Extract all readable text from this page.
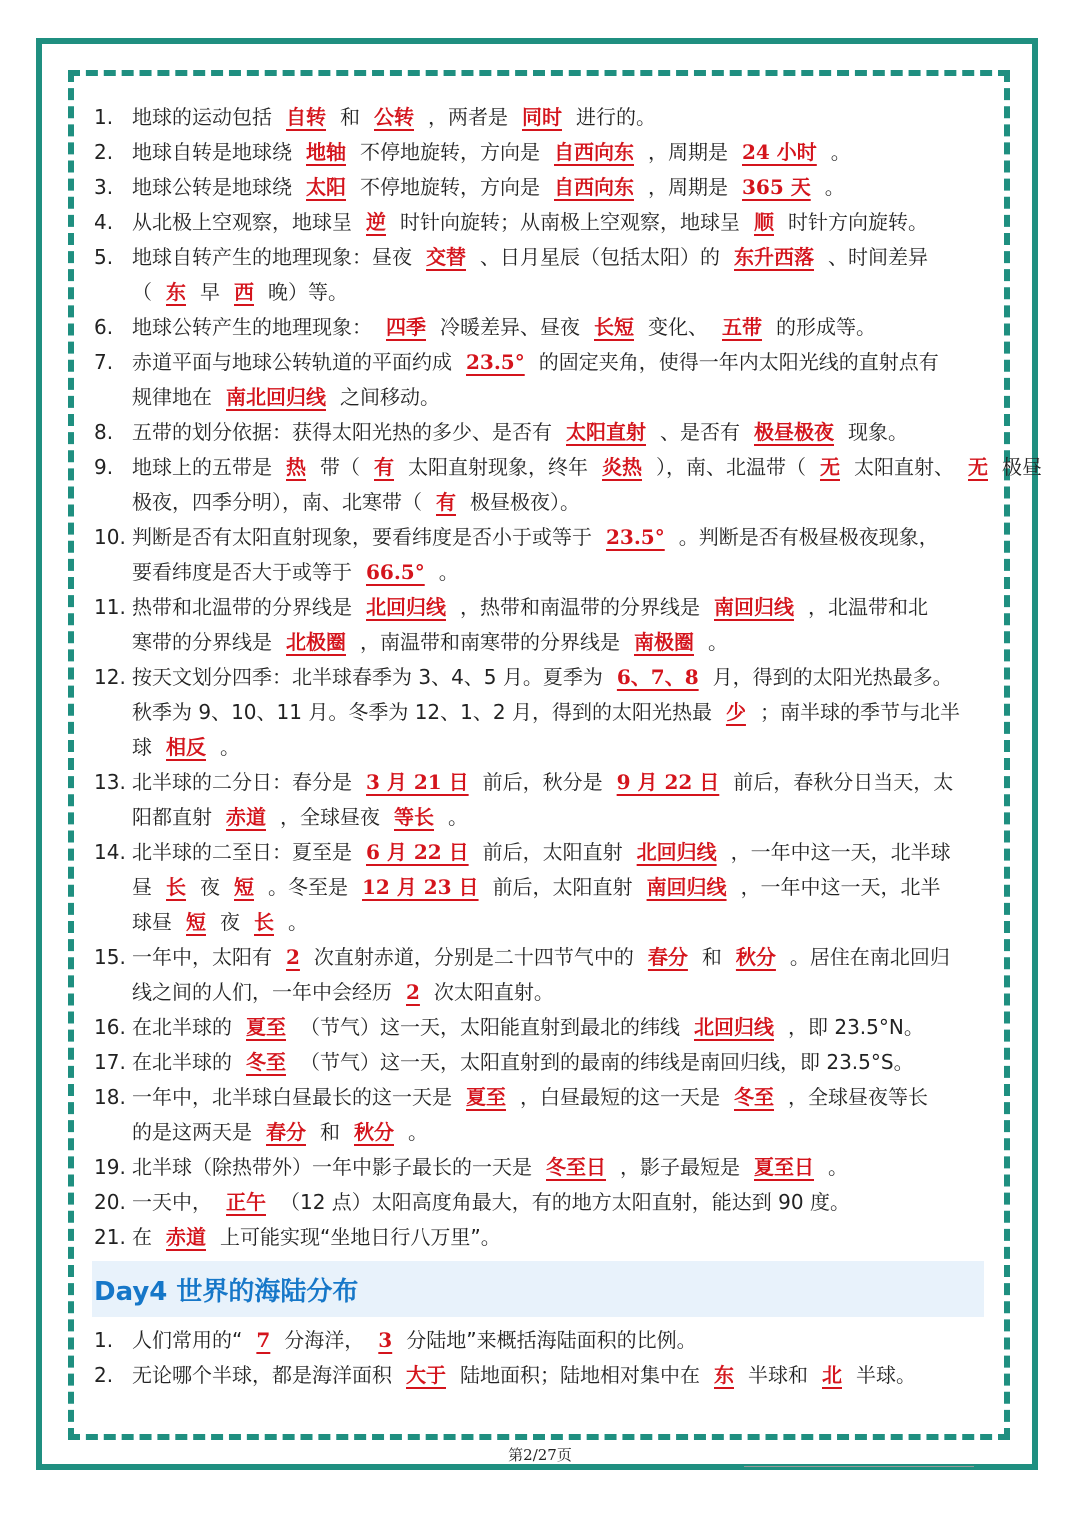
1. 地球的运动包括 自转 和 公转 ，两者是 同时 进行的。
2. 地球自转是地球绕 地轴 不停地旋转，方向是 自西向东 ，周期是 24 小时 。
3. 地球公转是地球绕 太阳 不停地旋转，方向是 自西向东 ，周期是 365 天 。
4. 从北极上空观察，地球呈 逆 时针向旋转；从南极上空观察，地球呈 顺 时针方向旋转。
5. 地球自转产生的地理现象：昼夜 交替 、日月星辰（包括太阳）的 东升西落 、时间差异
（ 东 早 西 晚）等。
6. 地球公转产生的地理现象： 四季 冷暖差异、昼夜 长短 变化、 五带 的形成等。
7. 赤道平面与地球公转轨道的平面约成 23.5° 的固定夹角，使得一年内太阳光线的直射点有
规律地在 南北回归线 之间移动。
8. 五带的划分依据：获得太阳光热的多少、是否有 太阳直射 、是否有 极昼极夜 现象。
9. 地球上的五带是 热 带（ 有 太阳直射现象，终年 炎热 ），南、北温带（ 无 太阳直射、 无 极昼
极夜，四季分明），南、北寒带（ 有 极昼极夜）。
10. 判断是否有太阳直射现象，要看纬度是否小于或等于 23.5° 。判断是否有极昼极夜现象，
要看纬度是否大于或等于 66.5° 。
11. 热带和北温带的分界线是 北回归线 ，热带和南温带的分界线是 南回归线 ，北温带和北
寒带的分界线是 北极圈 ，南温带和南寒带的分界线是 南极圈 。
12. 按天文划分四季：北半球春季为 3、4、5 月。夏季为 6、7、8 月，得到的太阳光热最多。
秋季为 9、10、11 月。冬季为 12、1、2 月，得到的太阳光热最 少 ；南半球的季节与北半
球 相反 。
13. 北半球的二分日：春分是 3 月 21 日 前后，秋分是 9 月 22 日 前后，春秋分日当天，太
阳都直射 赤道 ，全球昼夜 等长 。
14. 北半球的二至日：夏至是 6 月 22 日 前后，太阳直射 北回归线 ，一年中这一天，北半球
昼 长 夜 短 。冬至是 12 月 23 日 前后，太阳直射 南回归线 ，一年中这一天，北半
球昼 短 夜 长 。
15. 一年中，太阳有 2 次直射赤道，分别是二十四节气中的 春分 和 秋分 。居住在南北回归
线之间的人们，一年中会经历 2 次太阳直射。
16. 在北半球的 夏至 （节气）这一天，太阳能直射到最北的纬线 北回归线 ，即 23.5°N。
17. 在北半球的 冬至 （节气）这一天，太阳直射到的最南的纬线是南回归线，即 23.5°S。
18. 一年中，北半球白昼最长的这一天是 夏至 ，白昼最短的这一天是 冬至 ，全球昼夜等长
的是这两天是 春分 和 秋分 。
19. 北半球（除热带外）一年中影子最长的一天是 冬至日 ，影子最短是 夏至日 。
20. 一天中， 正午 （12 点）太阳高度角最大，有的地方太阳直射，能达到 90 度。
21. 在 赤道 上可能实现“坐地日行八万里”。
Day4 世界的海陆分布
1. 人们常用的“ 7 分海洋， 3 分陆地”来概括海陆面积的比例。
2. 无论哪个半球，都是海洋面积 大于 陆地面积；陆地相对集中在 东 半球和 北 半球。
第2/27页
